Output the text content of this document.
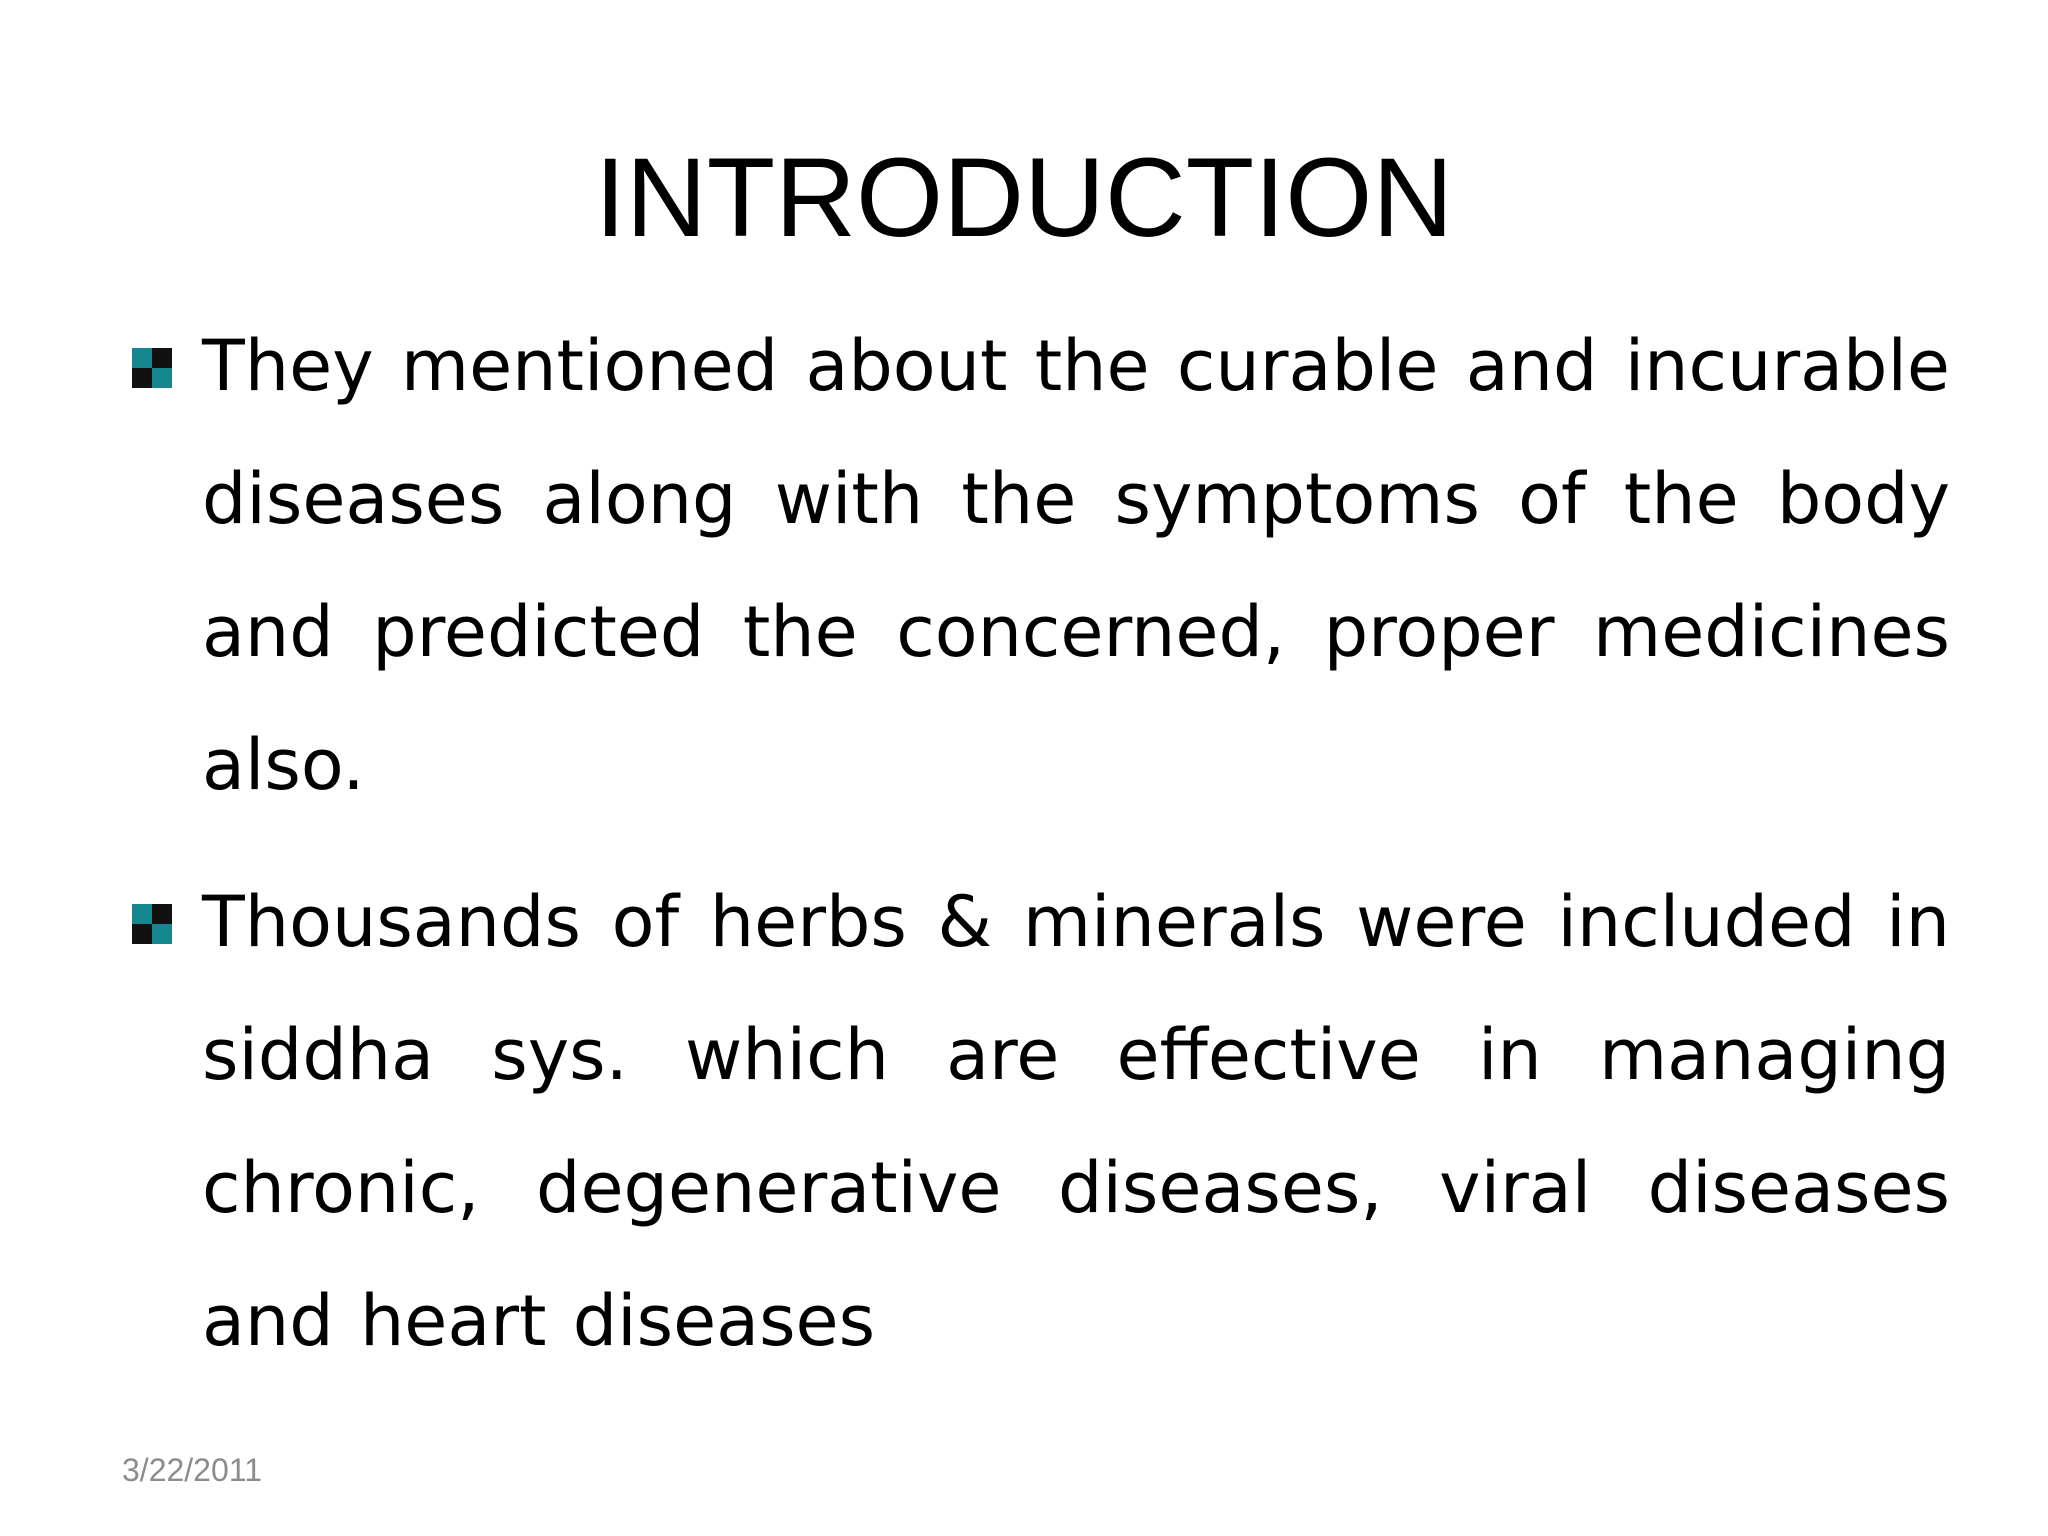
INTRODUCTION
They mentioned about the curable and incurable diseases along with the symptoms of the body and predicted the concerned, proper medicines also.
Thousands of herbs & minerals were included in siddha sys. which are effective in managing chronic, degenerative diseases, viral diseases and heart diseases
3/22/2011
